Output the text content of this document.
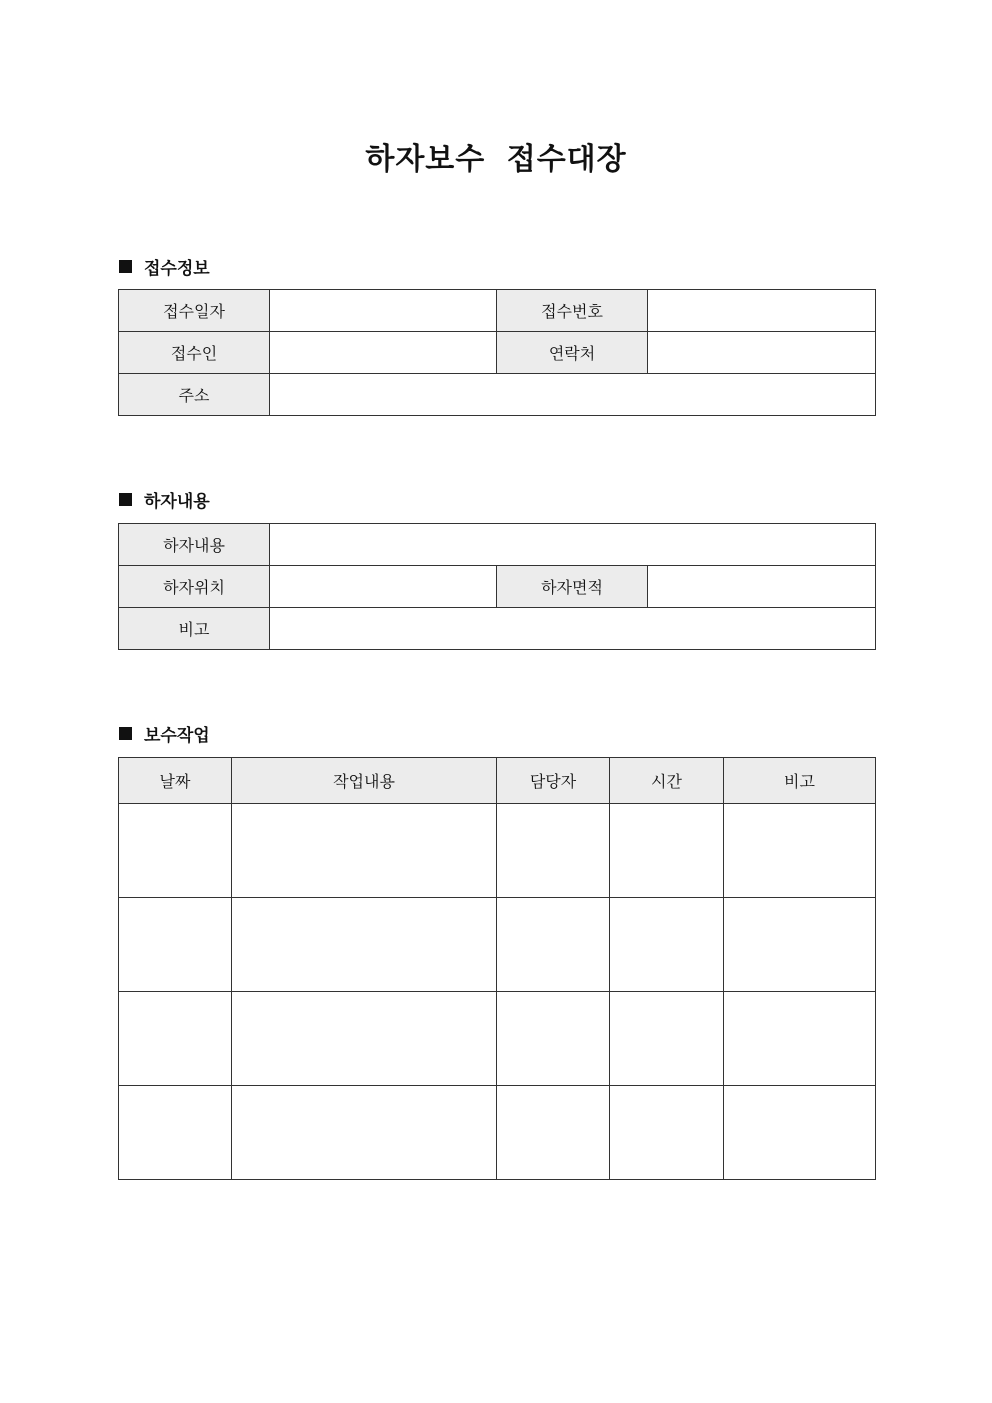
하자보수 접수대장
접수정보
접수일자		접수번호	
접수인		연락처	
주소			
하자내용
하자내용			
하자위치		하자면적	
비고			
보수작업
날짜	작업내용	담당자	시간	비고
